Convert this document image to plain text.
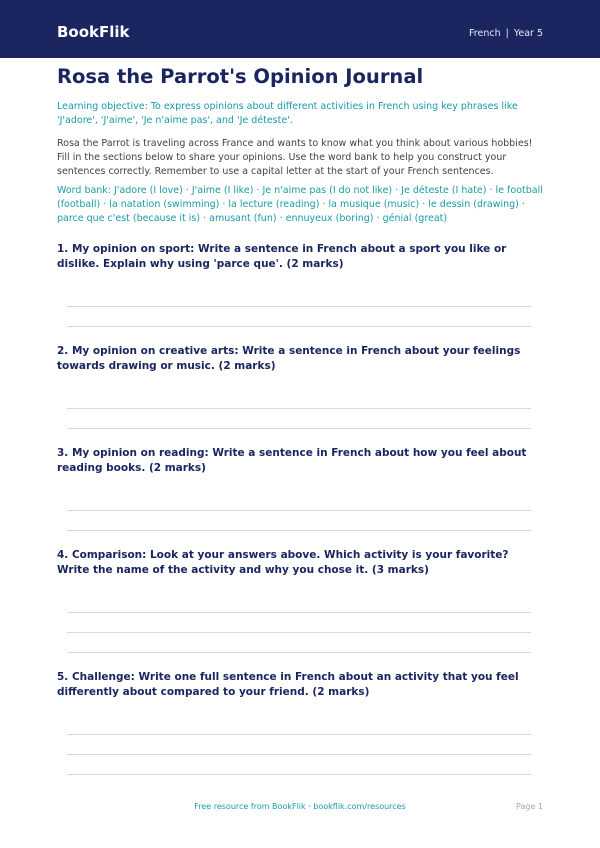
BookFlik	French | Year 5
Rosa the Parrot's Opinion Journal
Learning objective: To express opinions about different activities in French using key phrases like 'J'adore', 'J'aime', 'Je n'aime pas', and 'Je déteste'.
Rosa the Parrot is traveling across France and wants to know what you think about various hobbies! Fill in the sections below to share your opinions. Use the word bank to help you construct your sentences correctly. Remember to use a capital letter at the start of your French sentences.
Word bank: J'adore (I love) · J'aime (I like) · Je n'aime pas (I do not like) · Je déteste (I hate) · le football (football) · la natation (swimming) · la lecture (reading) · la musique (music) · le dessin (drawing) · parce que c'est (because it is) · amusant (fun) · ennuyeux (boring) · génial (great)

1. My opinion on sport: Write a sentence in French about a sport you like or dislike. Explain why using 'parce que'. (2 marks)

2. My opinion on creative arts: Write a sentence in French about your feelings towards drawing or music. (2 marks)

3. My opinion on reading: Write a sentence in French about how you feel about reading books. (2 marks)

4. Comparison: Look at your answers above. Which activity is your favorite? Write the name of the activity and why you chose it. (3 marks)

5. Challenge: Write one full sentence in French about an activity that you feel differently about compared to your friend. (2 marks)

Free resource from BookFlik · bookflik.com/resources	Page 1
